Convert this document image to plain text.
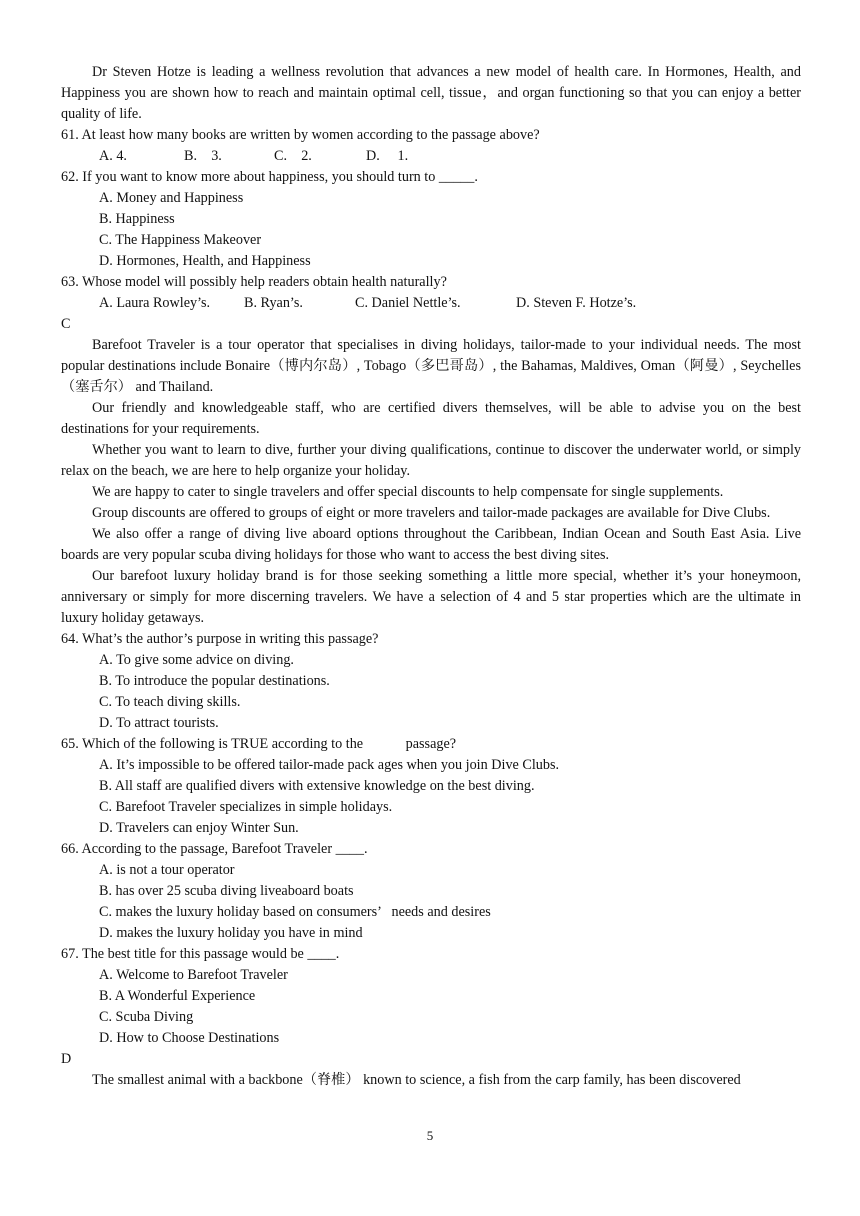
Dr Steven Hotze is leading a wellness revolution that advances a new model of health care. In Hormones, Health, and Happiness you are shown how to reach and maintain optimal cell, tissue，and organ functioning so that you can enjoy a better quality of life.

61. At least how many books are written by women according to the passage above?

A. 4.	B.    3.	C.    2.	D.     1.

62. If you want to know more about happiness, you should turn to _____.

A. Money and Happiness

B. Happiness

C. The Happiness Makeover

D. Hormones, Health, and Happiness

63. Whose model will possibly help readers obtain health naturally?

A. Laura Rowley’s. B. Ryan’s.	C. Daniel Nettle’s.	D. Steven F. Hotze’s.

C

Barefoot Traveler is a tour operator that specialises in diving holidays, tailor-made to your individual needs. The most popular destinations include Bonaire（博内尔岛）, Tobago（多巴哥岛）, the Bahamas, Maldives, Oman（阿曼）, Seychelles （塞舌尔） and Thailand.

Our friendly and knowledgeable staff, who are certified divers themselves, will be able to advise you on the best destinations for your requirements.

Whether you want to learn to dive, further your diving qualifications, continue to discover the underwater world, or simply relax on the beach, we are here to help organize your holiday.

We are happy to cater to single travelers and offer special discounts to help compensate for single supplements.

Group discounts are offered to groups of eight or more travelers and tailor-made packages are available for Dive Clubs.

We also offer a range of diving live aboard options throughout the Caribbean, Indian Ocean and South East Asia. Live boards are very popular scuba diving holidays for those who want to access the best diving sites.

Our barefoot luxury holiday brand is for those seeking something a little more special, whether it’s your honeymoon, anniversary or simply for more discerning travelers. We have a selection of 4 and 5 star properties which are the ultimate in luxury holiday getaways.

64. What’s the author’s purpose in writing this passage?

A. To give some advice on diving.

B. To introduce the popular destinations.

C. To teach diving skills.

D. To attract tourists.

65. Which of the following is TRUE according to the            passage?

A. It’s impossible to be offered tailor-made pack ages when you join Dive Clubs.

B. All staff are qualified divers with extensive knowledge on the best diving.

C. Barefoot Traveler specializes in simple holidays.

D. Travelers can enjoy Winter Sun.

66. According to the passage, Barefoot Traveler ____.

A. is not a tour operator

B. has over 25 scuba diving liveaboard boats

C. makes the luxury holiday based on consumers’   needs and desires

D. makes the luxury holiday you have in mind

67. The best title for this passage would be ____.

A. Welcome to Barefoot Traveler

B. A Wonderful Experience

C. Scuba Diving

D. How to Choose Destinations

D

The smallest animal with a backbone（脊椎） known to science, a fish from the carp family, has been discovered

5
